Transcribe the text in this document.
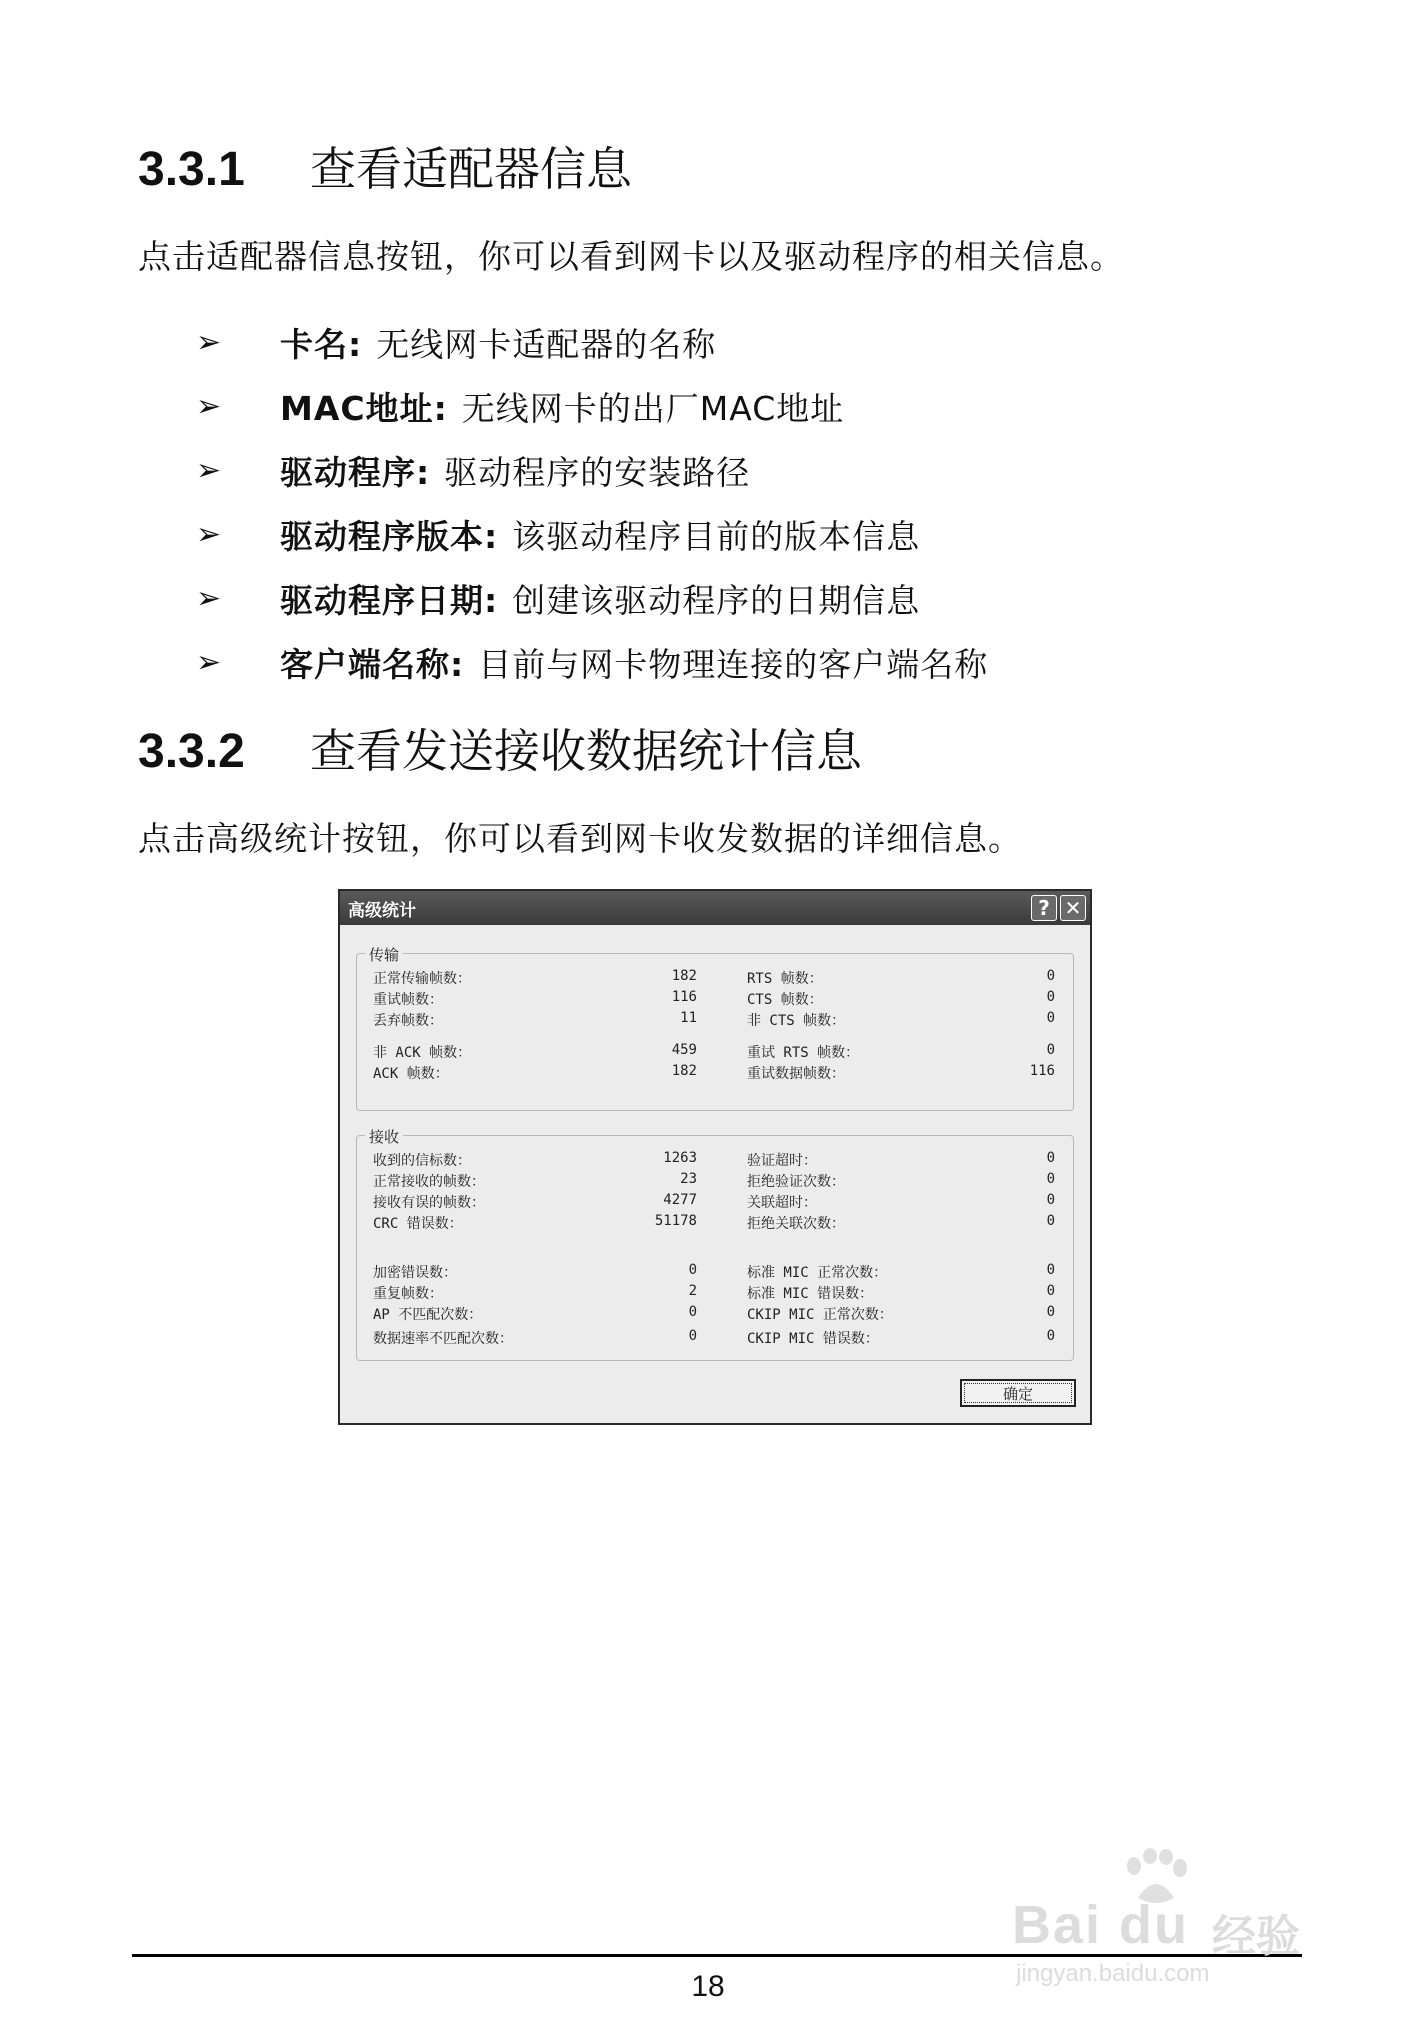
3.3.1	查看适配器信息

点击适配器信息按钮，你可以看到网卡以及驱动程序的相关信息。

➢	卡名: 无线网卡适配器的名称
➢	MAC地址: 无线网卡的出厂MAC地址
➢	驱动程序: 驱动程序的安装路径
➢	驱动程序版本: 该驱动程序目前的版本信息
➢	驱动程序日期: 创建该驱动程序的日期信息
➢	客户端名称: 目前与网卡物理连接的客户端名称
3.3.2	查看发送接收数据统计信息

点击高级统计按钮，你可以看到网卡收发数据的详细信息。

高级统计	? ✕
传输
正常传输帧数：	182	RTS 帧数：	0
重试帧数：	116	CTS 帧数：	0
丢弃帧数：	11	非 CTS 帧数：	0
非 ACK 帧数：	459	重试 RTS 帧数：	0
ACK 帧数：	182	重试数据帧数：	116
接收
收到的信标数：	1263	验证超时：	0
正常接收的帧数：	23	拒绝验证次数：	0
接收有误的帧数：	4277	关联超时：	0
CRC 错误数：	51178	拒绝关联次数：	0
加密错误数：	0	标准 MIC 正常次数：	0
重复帧数：	2	标准 MIC 错误数：	0
AP 不匹配次数：	0	CKIP MIC 正常次数：	0
数据速率不匹配次数：	0	CKIP MIC 错误数：	0
确定
18
Bai du 经验
jingyan.baidu.com
